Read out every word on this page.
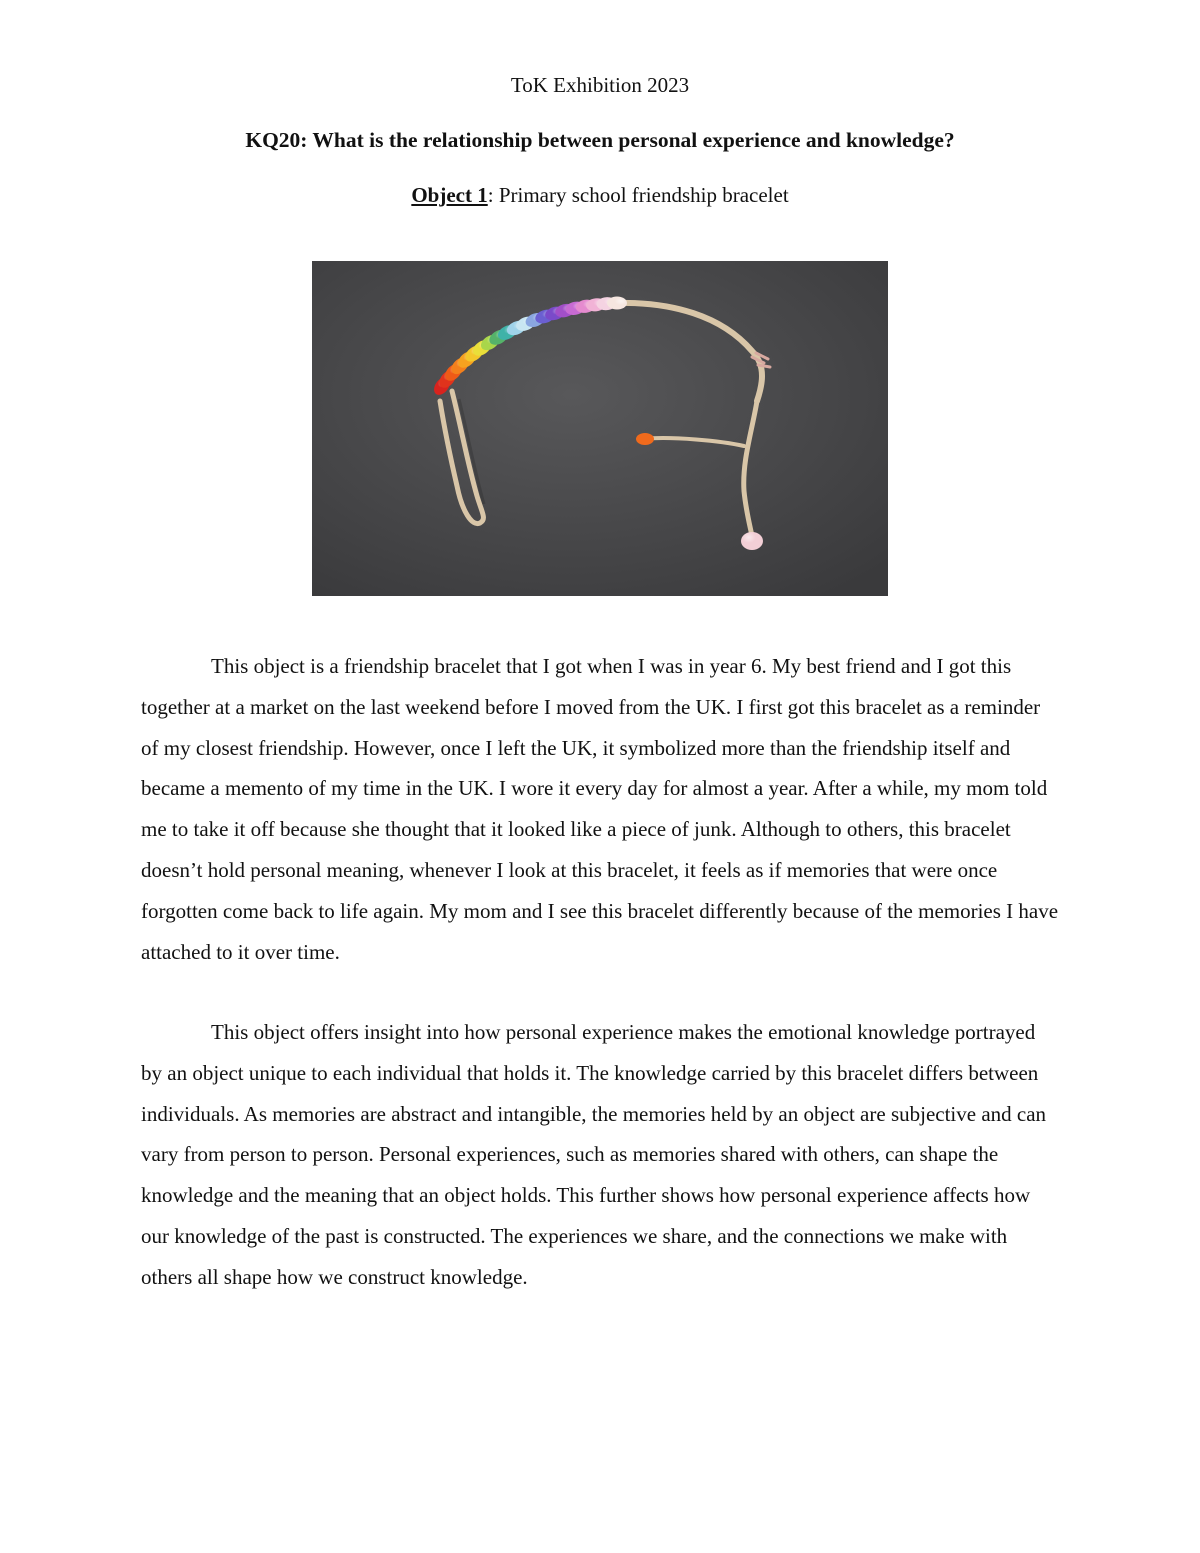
ToK Exhibition 2023
KQ20: What is the relationship between personal experience and knowledge?
Object 1: Primary school friendship bracelet

This object is a friendship bracelet that I got when I was in year 6. My best friend and I got this together at a market on the last weekend before I moved from the UK. I first got this bracelet as a reminder of my closest friendship. However, once I left the UK, it symbolized more than the friendship itself and became a memento of my time in the UK. I wore it every day for almost a year. After a while, my mom told me to take it off because she thought that it looked like a piece of junk. Although to others, this bracelet doesn’t hold personal meaning, whenever I look at this bracelet, it feels as if memories that were once forgotten come back to life again. My mom and I see this bracelet differently because of the memories I have attached to it over time.

This object offers insight into how personal experience makes the emotional knowledge portrayed by an object unique to each individual that holds it. The knowledge carried by this bracelet differs between individuals. As memories are abstract and intangible, the memories held by an object are subjective and can vary from person to person. Personal experiences, such as memories shared with others, can shape the knowledge and the meaning that an object holds. This further shows how personal experience affects how our knowledge of the past is constructed. The experiences we share, and the connections we make with others all shape how we construct knowledge.
